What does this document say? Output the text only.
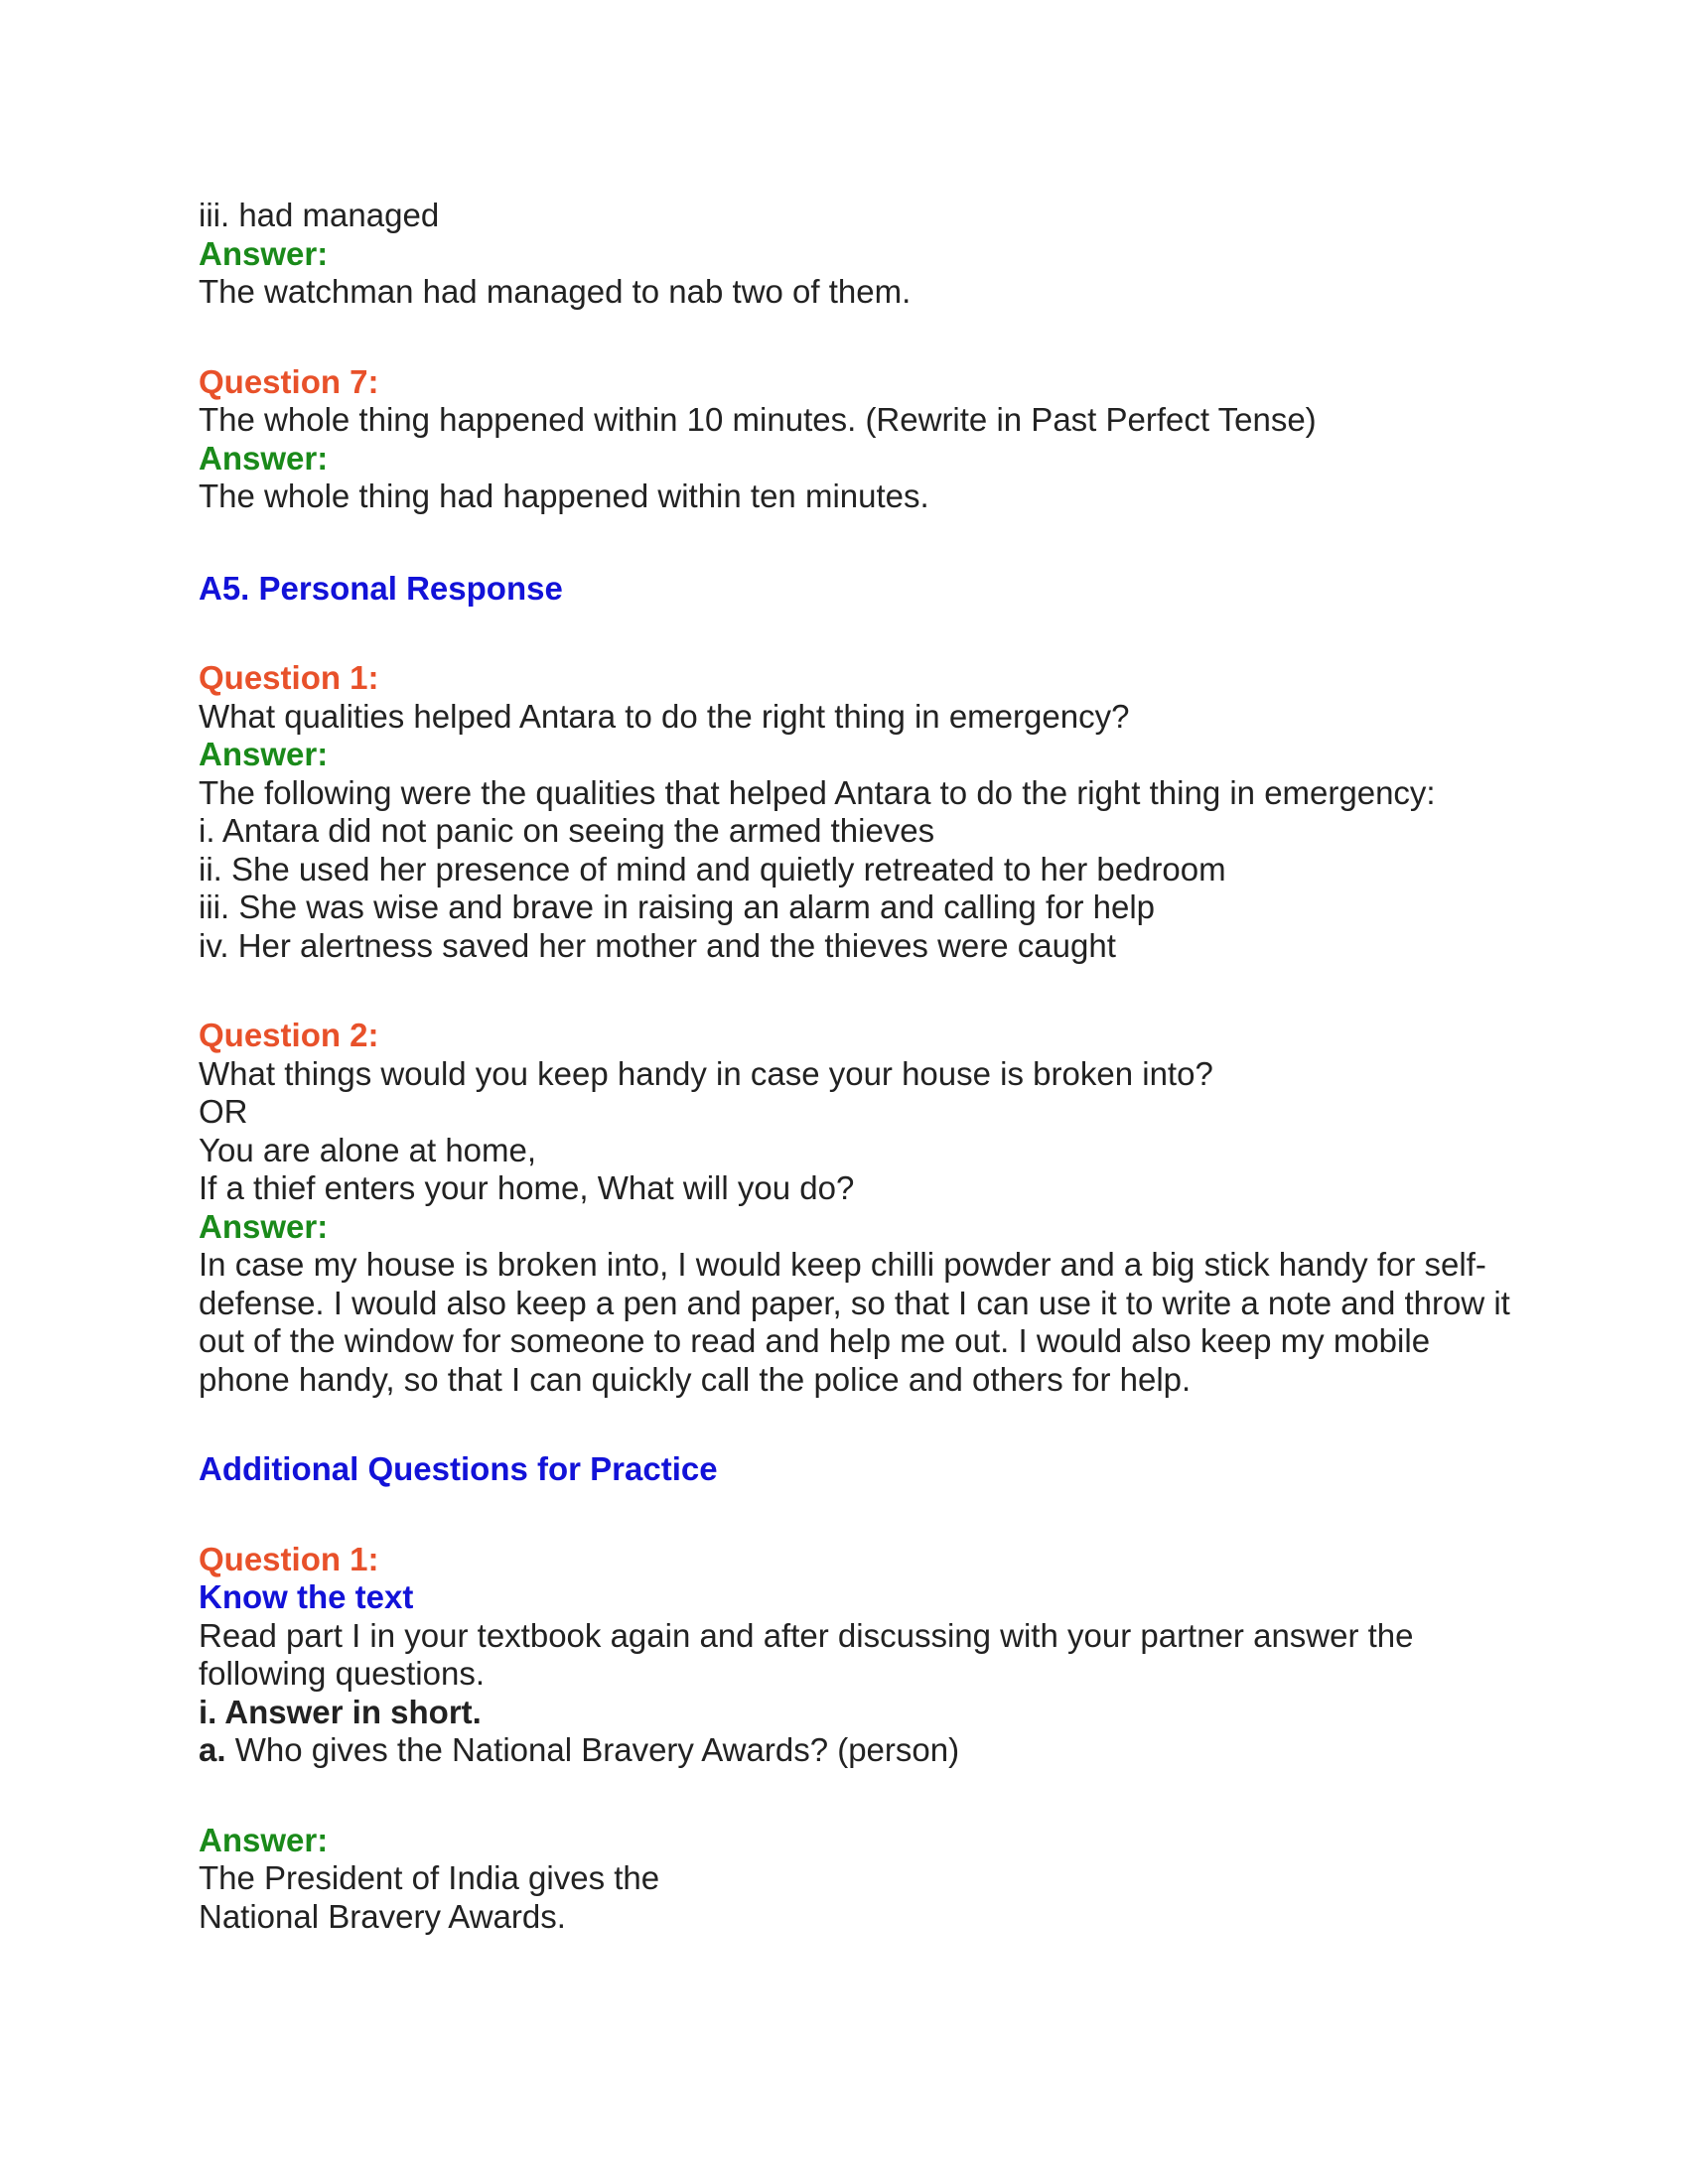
iii. had managed
Answer:
The watchman had managed to nab two of them.
Question 7:
The whole thing happened within 10 minutes. (Rewrite in Past Perfect Tense)
Answer:
The whole thing had happened within ten minutes.
A5. Personal Response
Question 1:
What qualities helped Antara to do the right thing in emergency?
Answer:
The following were the qualities that helped Antara to do the right thing in emergency:
i. Antara did not panic on seeing the armed thieves
ii. She used her presence of mind and quietly retreated to her bedroom
iii. She was wise and brave in raising an alarm and calling for help
iv. Her alertness saved her mother and the thieves were caught
Question 2:
What things would you keep handy in case your house is broken into?
OR
You are alone at home,
If a thief enters your home, What will you do?
Answer:
In case my house is broken into, I would keep chilli powder and a big stick handy for self-defense. I would also keep a pen and paper, so that I can use it to write a note and throw it out of the window for someone to read and help me out. I would also keep my mobile phone handy, so that I can quickly call the police and others for help.
Additional Questions for Practice
Question 1:
Know the text
Read part I in your textbook again and after discussing with your partner answer the following questions.
i. Answer in short.
a. Who gives the National Bravery Awards? (person)
Answer:
The President of India gives the
National Bravery Awards.
